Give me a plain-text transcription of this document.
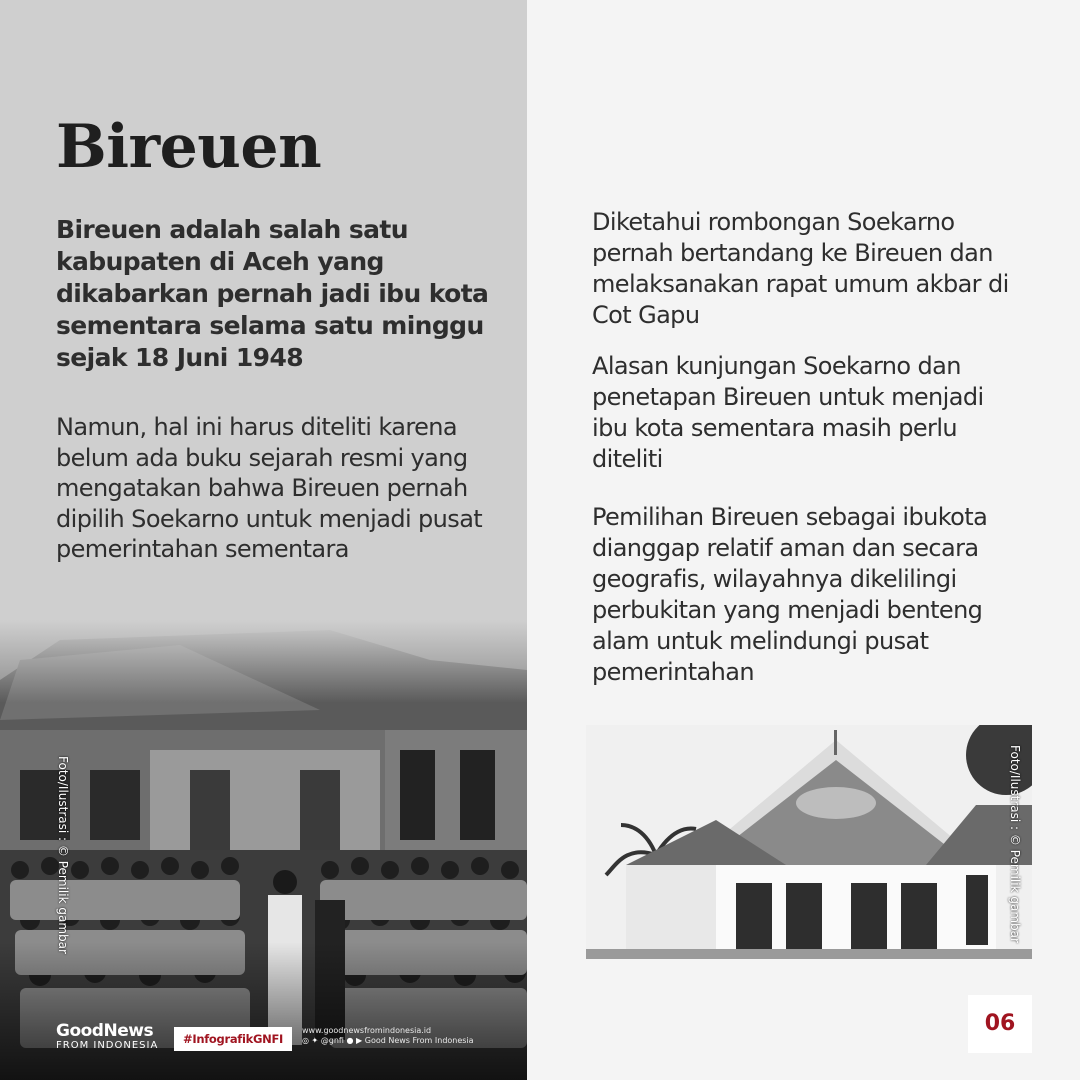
Bireuen

Bireuen adalah salah satu kabupaten di Aceh yang dikabarkan pernah jadi ibu kota sementara selama satu minggu sejak 18 Juni 1948

Namun, hal ini harus diteliti karena belum ada buku sejarah resmi yang mengatakan bahwa Bireuen pernah dipilih Soekarno untuk menjadi pusat pemerintahan sementara

Foto/Ilustrasi : © Pemilik gambar
GoodNews
FROM INDONESIA	#InfografikGNFI
www.goodnewsfromindonesia.id
◎ ✦ @gnfi ● ▶ Good News From Indonesia

Diketahui rombongan Soekarno pernah bertandang ke Bireuen dan melaksanakan rapat umum akbar di Cot Gapu

Alasan kunjungan Soekarno dan penetapan Bireuen untuk menjadi ibu kota sementara masih perlu diteliti

Pemilihan Bireuen sebagai ibukota dianggap relatif aman dan secara geografis, wilayahnya dikelilingi perbukitan yang menjadi benteng alam untuk melindungi pusat pemerintahan

Foto/Ilustrasi : © Pemilik gambar
06
